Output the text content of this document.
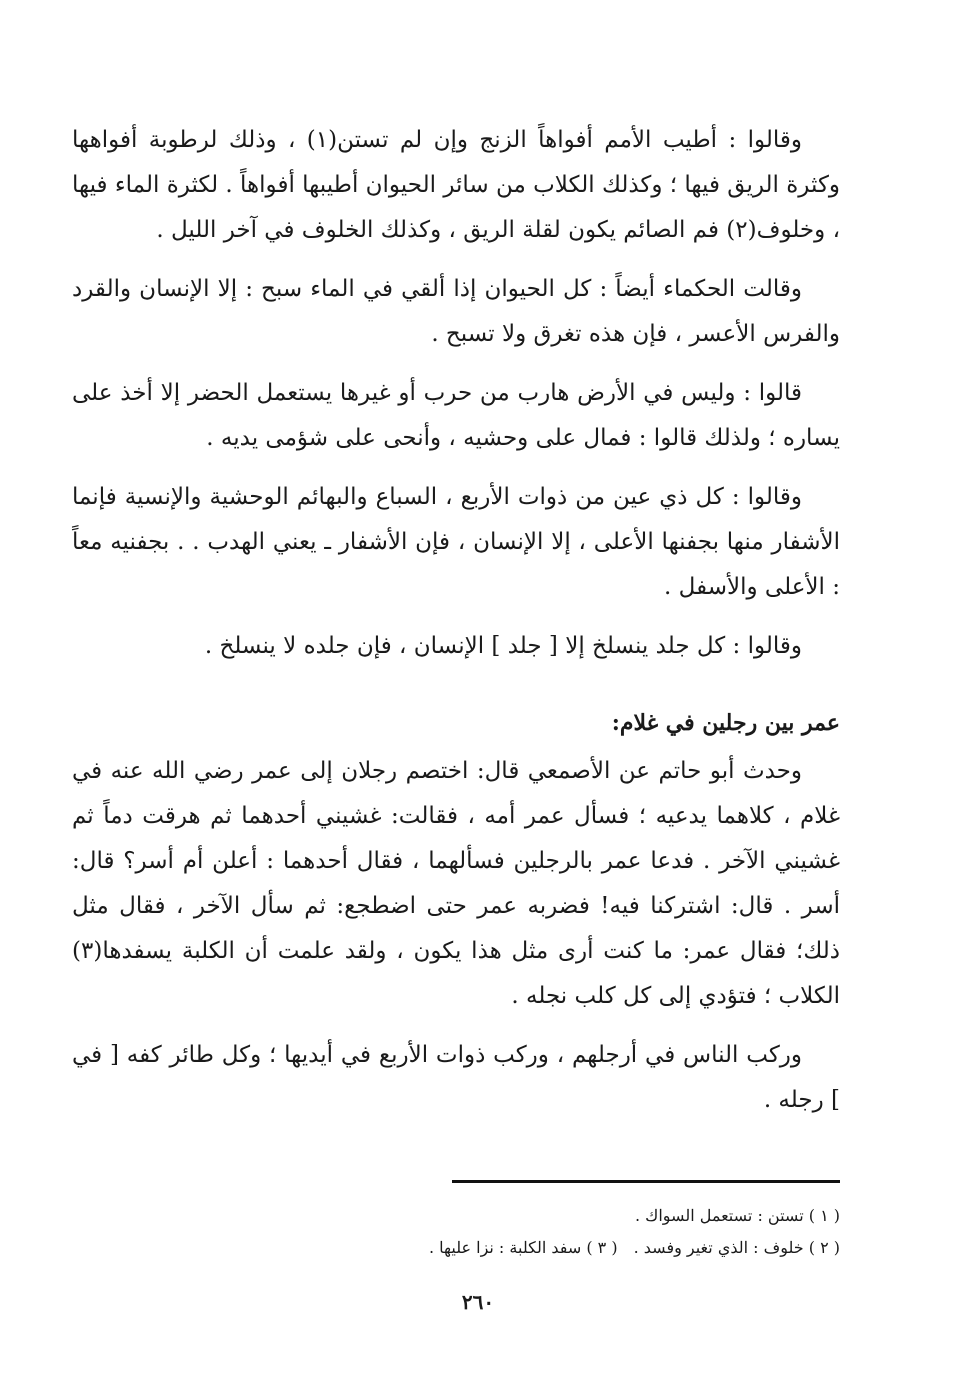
وقالوا : أطيب الأمم أفواهاً الزنج وإن لم تستن(١) ، وذلك لرطوبة أفواهها وكثرة الريق فيها ؛ وكذلك الكلاب من سائر الحيوان أطيبها أفواهاً . لكثرة الماء فيها ، وخلوف(٢) فم الصائم يكون لقلة الريق ، وكذلك الخلوف في آخر الليل .

وقالت الحكماء أيضاً : كل الحيوان إذا ألقي في الماء سبح : إلا الإنسان والقرد والفرس الأعسر ، فإن هذه تغرق ولا تسبح .

قالوا : وليس في الأرض هارب من حرب أو غيرها يستعمل الحضر إلا أخذ على يساره ؛ ولذلك قالوا : فمال على وحشيه ، وأنحى على شؤمى يديه .

وقالوا : كل ذي عين من ذوات الأربع ، السباع والبهائم الوحشية والإنسية فإنما الأشفار منها بجفنها الأعلى ، إلا الإنسان ، فإن الأشفار ـ يعني الهدب . . بجفنيه معاً : الأعلى والأسفل .

وقالوا : كل جلد ينسلخ إلا [ جلد ] الإنسان ، فإن جلده لا ينسلخ .

عمر بين رجلين في غلام:

وحدث أبو حاتم عن الأصمعي قال: اختصم رجلان إلى عمر رضي الله عنه في غلام ، كلاهما يدعيه ؛ فسأل عمر أمه ، فقالت: غشيني أحدهما ثم هرقت دماً ثم غشيني الآخر . فدعا عمر بالرجلين فسألهما ، فقال أحدهما : أعلن أم أسر؟ قال: أسر . قال: اشتركنا فيه! فضربه عمر حتى اضطجع: ثم سأل الآخر ، فقال مثل ذلك؛ فقال عمر: ما كنت أرى مثل هذا يكون ، ولقد علمت أن الكلبة يسفدها(٣) الكلاب ؛ فتؤدي إلى كل كلب نجله .

وركب الناس في أرجلهم ، وركب ذوات الأربع في أيديها ؛ وكل طائر كفه [ في ] رجله .

( ١ ) تستن : تستعمل السواك .
( ٢ ) خلوف : الذي تغير وفسد .( ٣ ) سفد الكلبة : نزا عليها .
٢٦٠
